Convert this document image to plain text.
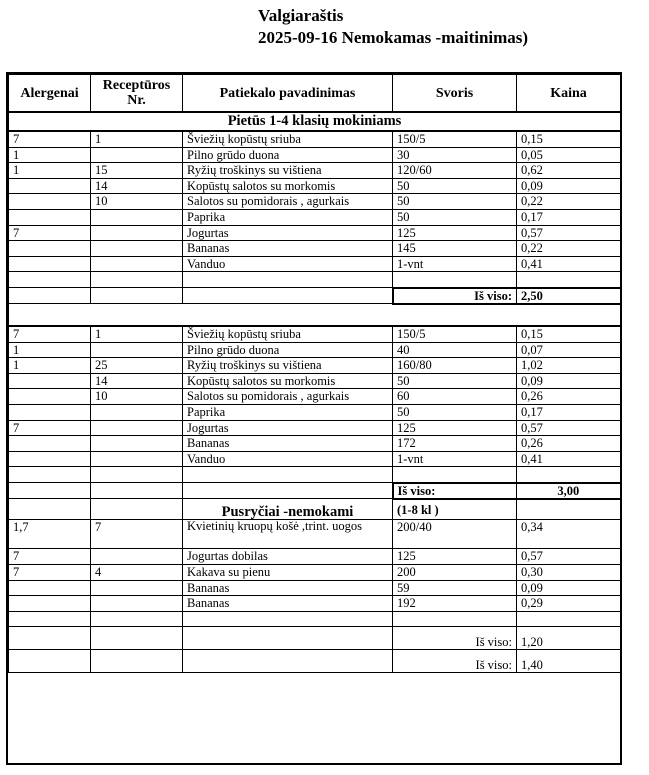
Valgiaraštis
2025-09-16 Nemokamas -maitinimas)
Alergenai	Receptūros Nr.	Patiekalo pavadinimas	Svoris	Kaina
Pietūs 1-4 klasių mokiniams				
7	1	Šviežių kopūstų sriuba	150/5	0,15
1		Pilno grūdo duona	30	0,05
1	15	Ryžių troškinys su vištiena	120/60	0,62
	14	Kopūstų salotos su morkomis	50	0,09
	10	Salotos su pomidorais , agurkais	50	0,22
		Paprika	50	0,17
7		Jogurtas	125	0,57
		Bananas	145	0,22
		Vanduo	1-vnt	0,41

			Iš viso:	2,50

7	1	Šviežių kopūstų sriuba	150/5	0,15
1		Pilno grūdo duona	40	0,07
1	25	Ryžių troškinys su vištiena	160/80	1,02
	14	Kopūstų salotos su morkomis	50	0,09
	10	Salotos su pomidorais , agurkais	60	0,26
		Paprika	50	0,17
7		Jogurtas	125	0,57
		Bananas	172	0,26
		Vanduo	1-vnt	0,41

			Iš viso:	3,00
		Pusryčiai -nemokami	(1-8 kl )	
1,7	7	Kvietinių kruopų košė ,trint. uogos	200/40	0,34
7		Jogurtas dobilas	125	0,57
7	4	Kakava su pienu	200	0,30
		Bananas	59	0,09
		Bananas	192	0,29

			Iš viso:	1,20
			Iš viso:	1,40
